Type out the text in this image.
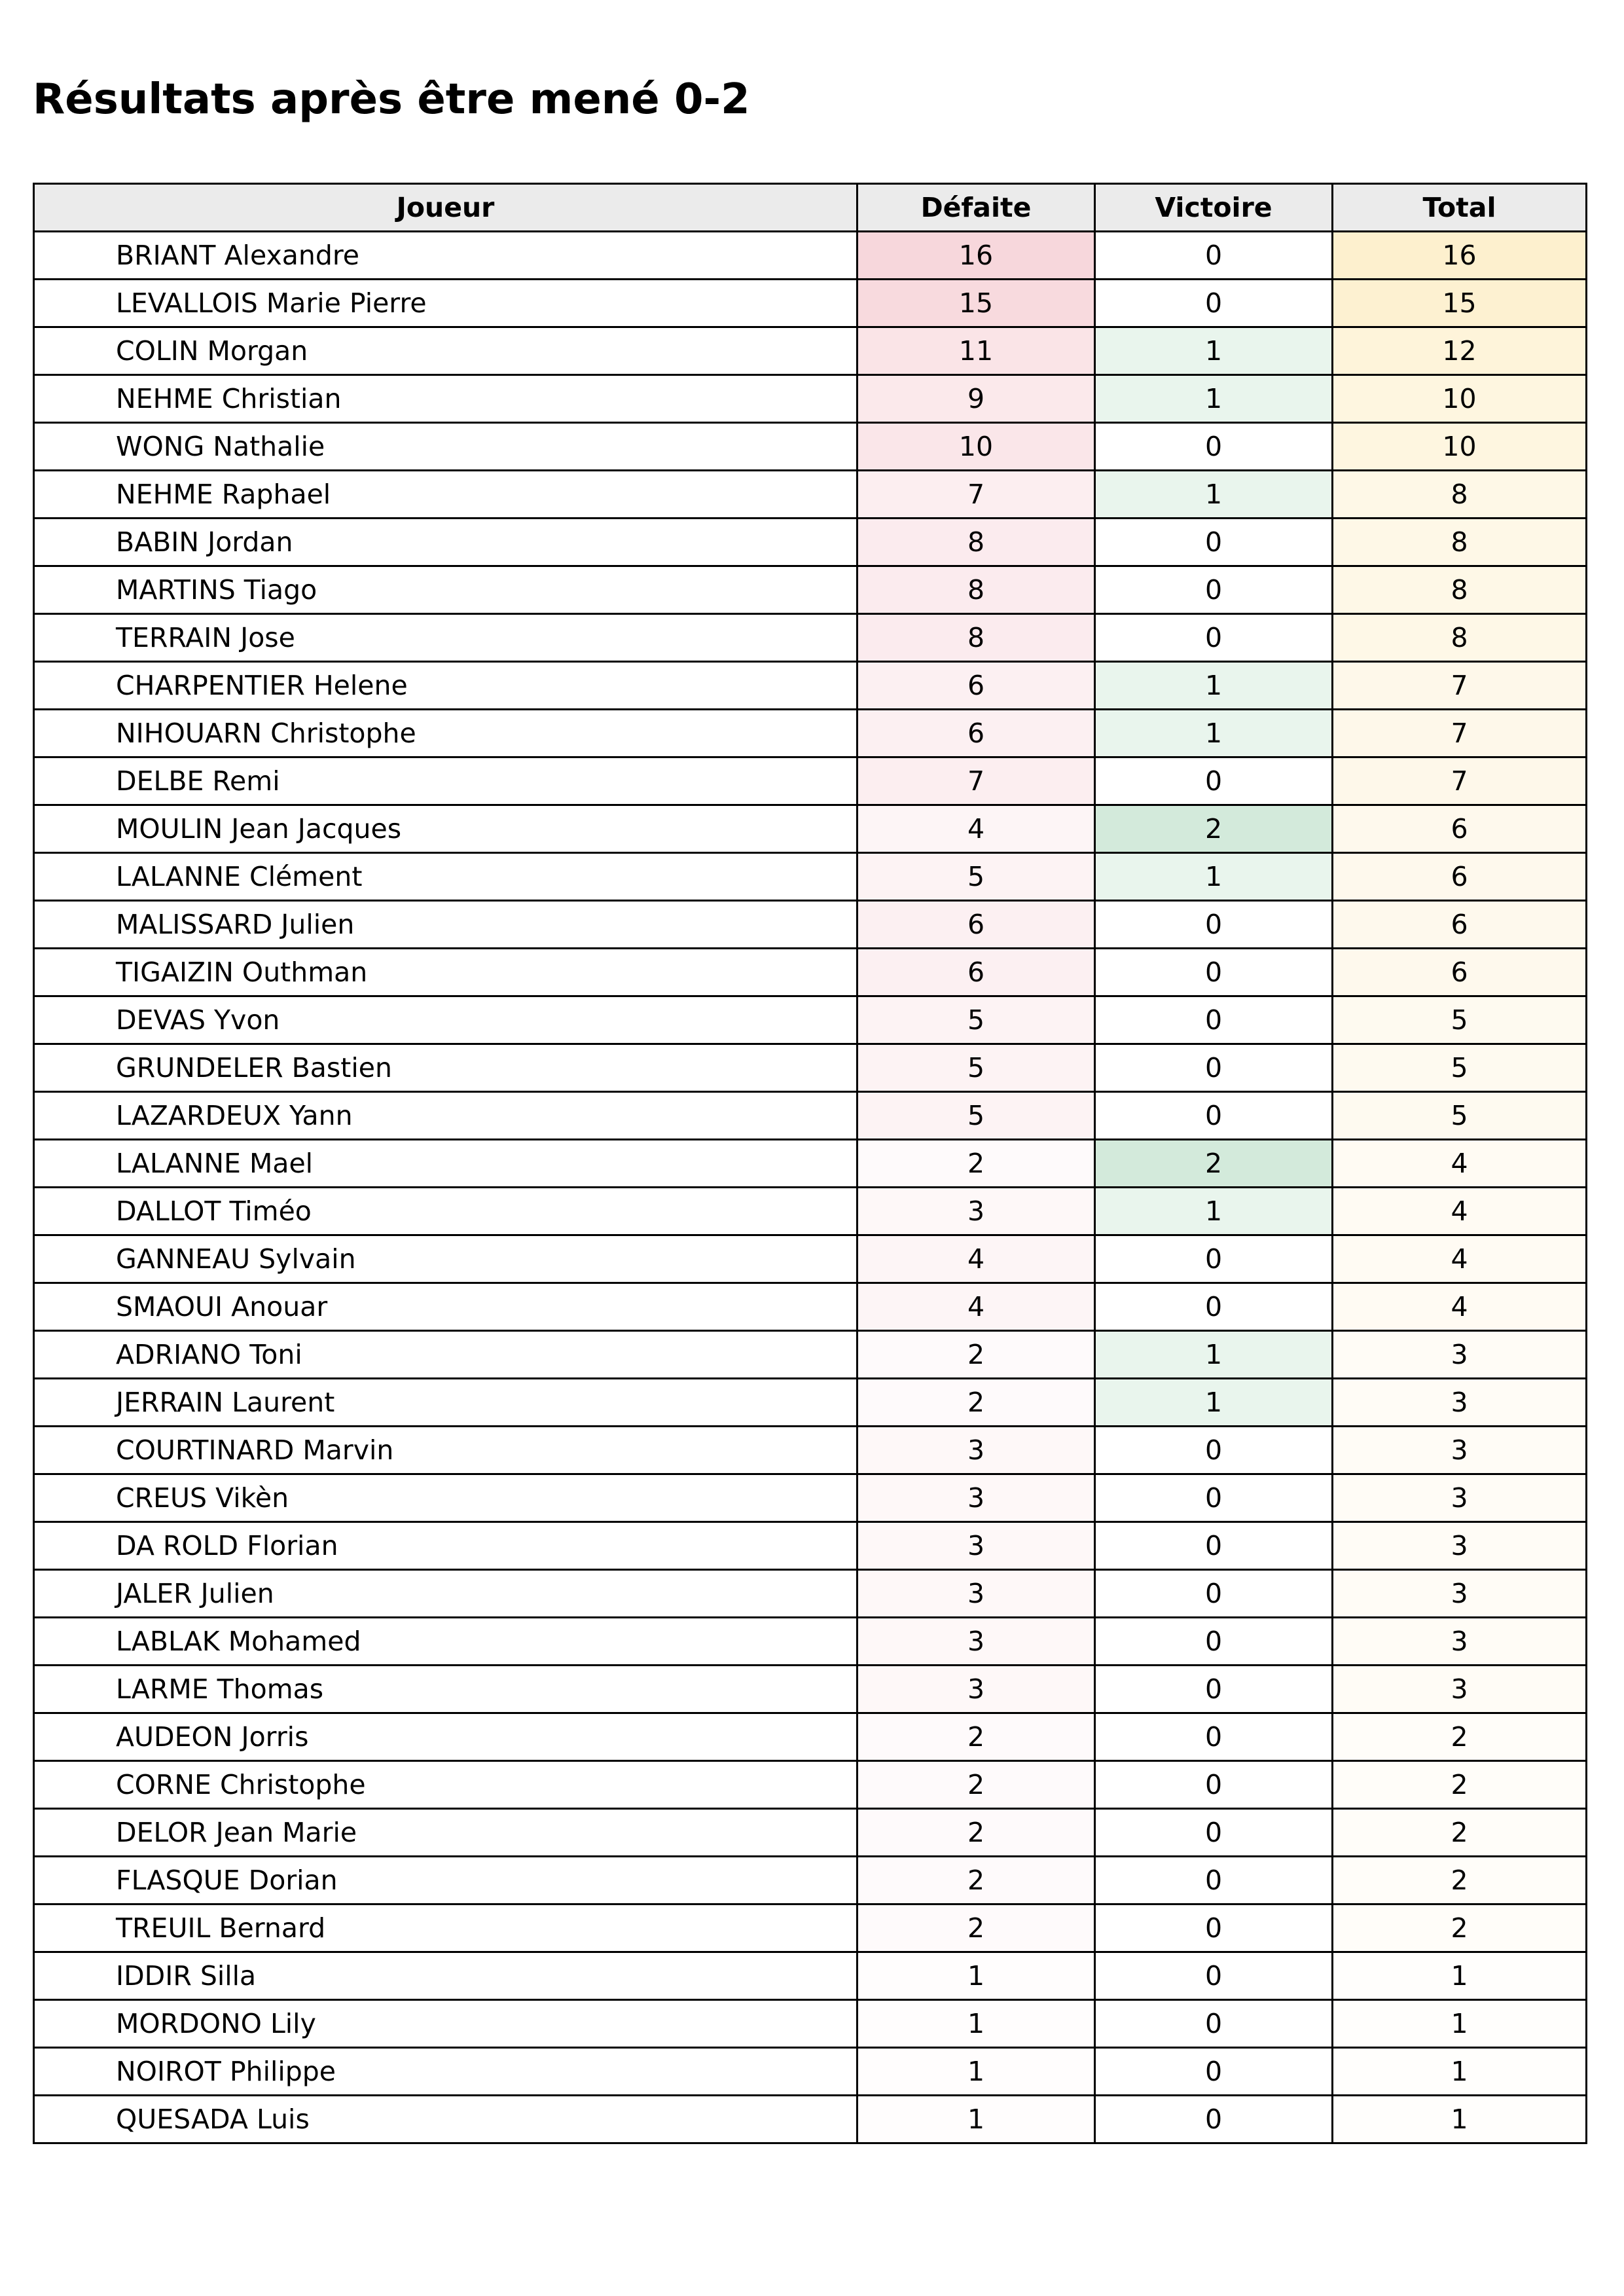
Résultats après être mené 0-2
Joueur	Défaite	Victoire	Total
BRIANT Alexandre	16	0	16
LEVALLOIS Marie Pierre	15	0	15
COLIN Morgan	11	1	12
NEHME Christian	9	1	10
WONG Nathalie	10	0	10
NEHME Raphael	7	1	8
BABIN Jordan	8	0	8
MARTINS Tiago	8	0	8
TERRAIN Jose	8	0	8
CHARPENTIER Helene	6	1	7
NIHOUARN Christophe	6	1	7
DELBE Remi	7	0	7
MOULIN Jean Jacques	4	2	6
LALANNE Clément	5	1	6
MALISSARD Julien	6	0	6
TIGAIZIN Outhman	6	0	6
DEVAS Yvon	5	0	5
GRUNDELER Bastien	5	0	5
LAZARDEUX Yann	5	0	5
LALANNE Mael	2	2	4
DALLOT Timéo	3	1	4
GANNEAU Sylvain	4	0	4
SMAOUI Anouar	4	0	4
ADRIANO Toni	2	1	3
JERRAIN Laurent	2	1	3
COURTINARD Marvin	3	0	3
CREUS Vikèn	3	0	3
DA ROLD Florian	3	0	3
JALER Julien	3	0	3
LABLAK Mohamed	3	0	3
LARME Thomas	3	0	3
AUDEON Jorris	2	0	2
CORNE Christophe	2	0	2
DELOR Jean Marie	2	0	2
FLASQUE Dorian	2	0	2
TREUIL Bernard	2	0	2
IDDIR Silla	1	0	1
MORDONO Lily	1	0	1
NOIROT Philippe	1	0	1
QUESADA Luis	1	0	1
